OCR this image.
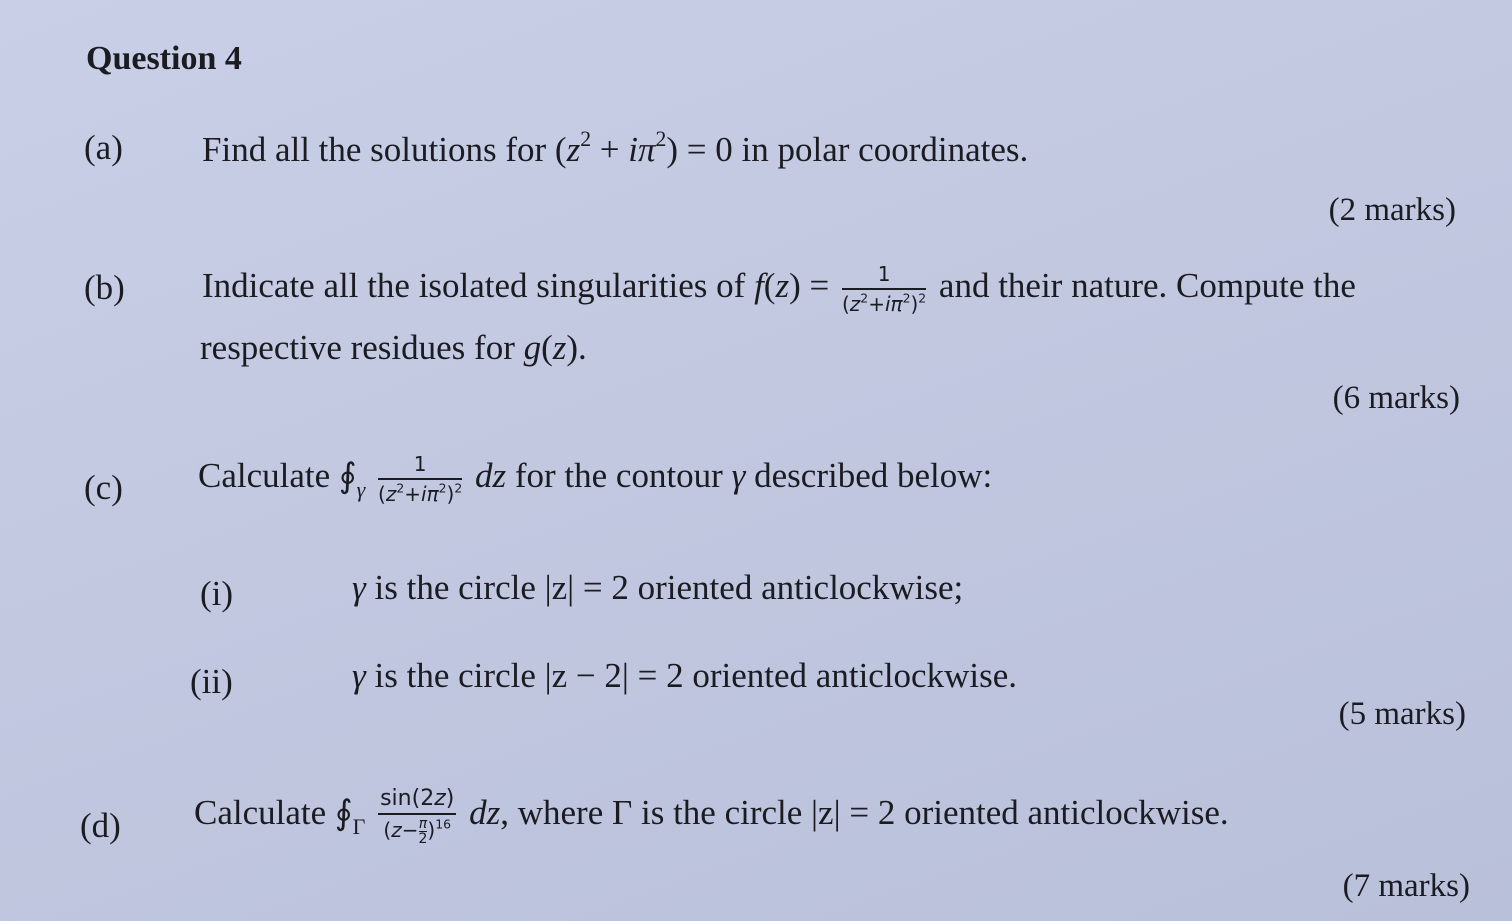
Question 4
(a) Find all the solutions for $(z^2 + i\pi^2) = 0$ in polar coordinates.
(2 marks)
(b) Indicate all the isolated singularities of $f(z) = \frac{1}{(z^2+i\pi^2)^2}$ and their nature. Compute the
respective residues for g(z).
(6 marks)
(c) Calculate $∮_\gamma \frac{1}{(z^2+i\pi^2)^2}$ dz for the contour γ described below:
(i)	γ is the circle |z| = 2 oriented anticlockwise;
(ii)	γ is the circle |z − 2| = 2 oriented anticlockwise.
(5 marks)
(d) Calculate $∮_\Gamma \frac{\sin(2z)}{(z- \frac{\pi}{2} )^{16}}$ dz, where Γ is the circle |z| = 2 oriented anticlockwise.
(7 marks)
